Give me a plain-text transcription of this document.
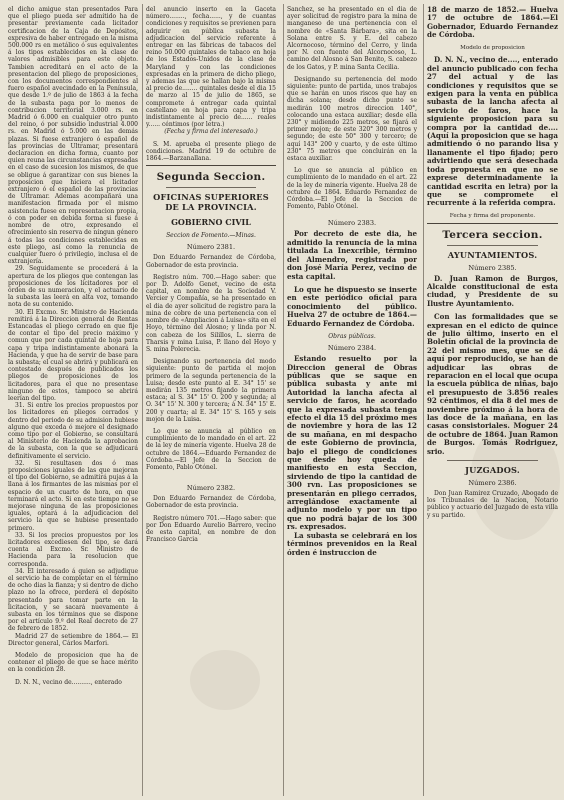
el dicho amigue stan presentados Para que el pliego pueda ser admitido ha de presentar previamente cada licitador certificacion de la Caja de Depósitos, expresiva de haber entregado en la misma 500.000 rs en metálico ó sus equivalentes á los tipos establecidos en la clase de valores admisibles para este objeto. Tambien acreditará en el acto de la presentacion del pliego de proposiciones, con los documentos correspondientes al fuero español avecindado en la Península, que desde 1.º de julio de 1863 á la fecha de la subasta paga por lo menos de contribucion territorial 3.000 rs. en Madrid ó 6.000 en cualquier otro punto del reino, ó por subsidio industrial 4.000 rs. en Madrid ó 5.000 en las demás plazas. Si fuese extranjero ó español de las provincias de Ultramar, presentará declaracion en dicha forma, cuanto por quien reuna las circunstancias expresadas en el caso de sucesion los mismos, de que se obligue á garantizar con sus bienes la proposicion que hiciera el licitador extranjero ó el español de las provincias de Ultramar. Ademas acompañará una manifestacion firmada por el mismo asistencia fuese en representacion propia, ó con poder en debida forma si fuese á nombre de otro, expresando el ofrecimiento sin reserva de ningun género á todas las condiciones establecidas en este pliego, así como la renuncia de cualquier fuero ó privilegio, inclusa el de extranjería.

29. Seguidamente se procederá á la apertura de los pliegos que contengan las proposiciones de los licitadores por el órden de su numeracion, y el actuario de la subasta las leerá en alta voz, tomando nota de su contenido.

30. El Excmo. Sr. Ministro de Hacienda remitirá á la Direccion general de Rentas Estancadas el pliego cerrado en que fije de contar el tipo del precio máximo y comun que por cada quintal de hoja para capa y tripa indistintamente abonará la Hacienda, y que ha de servir de base para la subasta; el cual se abrirá y publicará en contestado después de publicados los pliegos de proposiciones de los licitadores, para el que no presentase ninguno de estos, tampoco se abrirá leerían del tipo.

31. Si entre los precios propuestos por los licitadores en pliegos cerrados y dentro del periodo de su admision hubiese alguno que exceda ó mejore el designado como tipo por el Gobierno, se consultará al Ministerio de Hacienda la aprobacion de la subasta, con la que se adjudicará definitivamente el servicio.

32. Si resultasen dos ó mas proposiciones iguales de las que mejoran el tipo del Gobierno, se admitirá pujas á la llana á los firmantes de las mismas por el espacio de un cuarto de hora, en que terminará el acto. Si en este tiempo no se mejorase ninguna de las proposiciones iguales, optará á la adjudicacion del servicio la que se hubiese presentado primero.

33. Si los precios propuestos por los licitadores excediesen del tipo, se dará cuenta al Excmo. Sr. Ministro de Hacienda para la resolucion que corresponda.

34. El interesado á quien se adjudique el servicio ha de completar en el término de ocho dias la fianza; y si dentro de dicho plazo no la ofrece, perderá el depósito presentado para tomar parte en la licitacion, y se sacará nuevamente á subasta en los términos que se dispone por el artículo 9.º del Real decreto de 27 de febrero de 1852.

Madrid 27 de setiembre de 1864.— El Director general, Cárlos Marfori.

Modelo de proposicion que ha de contener el pliego de que se hace mérito en la condicion 28.

D. N. N., vecino de.........., enterado

del anuncio inserto en la Gaceta número........, fecha......, y de cuantas condiciones y requisitos se previenen para adquirir en pública subasta la adjudicacion del servicio referente á entregar en las fábricas de tabacos del reino 50.000 quintales de tabaco en hoja de los Estados-Unidos de la clase de Maryland y con las condiciones expresadas en la primera de dicho pliego, y ademas las que se hallan bajo la misma al precio de........ quintales desde el dia 15 de marzo al 15 de julio de 1865, se compromete á entregar cada quintal castellano en hoja para capa y tripa indistintamente al precio de...... reales y...... céntimos (por letra.)

(Fecha y firma del interesado.)

S. M. aprueba el presente pliego de condiciones. Madrid 19 de octubre de 1864.—Barzanallana.

Segunda Seccion.
OFICINAS SUPERIORES DE LA PROVINCIA.
GOBIERNO CIVIL

Seccion de Fomento.—Minas.

Número 2381.

Don Eduardo Fernandez de Córdoba, Gobernador de esta provincia.

Registro núm. 700.—Hago saber: que por D. Adolfo Genet, vecino de esta capital, en nombre de la Sociedad V. Vercier y Compañía, se ha presentado en el dia de ayer solicitud de registro para la mina de cobre de una pertenencia con el nombre de «Ampliacion á Luisa» sita en el Hoyo, término del Alosno; y linda por N. con cabeza de los Silillos, L. sierra de Tharsis y mina Luisa, P. llano del Hoyo y S. mina Polerecia.

Designando su pertenencia del modo siguiente: punto de partida el mojon primero de la segunda pertenencia de la Luisa; desde este punto al E. 34° 15' se medirán 135 metros fijando la primera estaca; al S. 34° 15' O. 200 y segunda; al O. 34° 15' N. 300 y tercera; á N. 34° 15' E. 200 y cuarta; al E. 34° 15' S. 165 y seis mojon de la Luisa.

Lo que se anuncia al público en cumplimiento de lo mandado en el art. 22 de la ley de minería vigente. Huelva 28 de octubre de 1864.—Eduardo Fernandez de Córdoba.—El Jefe de la Seccion de Fomento, Pablo Otónel.

Número 2382.

Don Eduardo Fernandez de Córdoba, Gobernador de esta provincia.

Registro número 701.—Hago saber: que por Don Eduardo Aurelio Barrero, vecino de esta capital, en nombre de don Francisco Garcia

Sanchez, se ha presentado en el dia de ayer solicitud de registro para la mina de manganeso de una pertenencia con el nombre de «Santa Bárbara», sita en la Solana entre S. y E. del cabezo Alcornocoso, término del Cerro, y linda por N. con fuente del Alcornocoso, L. camino del Alosno á San Benito, S. cabezo de los Gatos, y P. mina Santa Cecilia.

Designando su pertenencia del modo siguiente: punto de partida, unos trabajos que se harán en unos riscos que hay en dicha solana; desde dicho punto se medirán 100 metros direccion 140°, colocando una estaca auxiliar; desde ella 230° y midiendo 225 metros, se fijará el primer mojon; de este 320° 300 metros y segundo; de este 50° 300 y tercero; de aquí 143° 200 y cuarto, y de este último 230° 75 metros que concluirán en la estaca auxiliar.

Lo que se anuncia al público en cumplimiento de lo mandado en el art. 22 de la ley de minería vigente. Huelva 28 de octubre de 1864. Eduardo Fernandez de Córdoba.—El Jefe de la Seccion de Fomento, Pablo Otónel.

Número 2383.

Por decreto de este dia, he admitido la renuncia de la mina titulada La Inexcrible, término del Almendro, registrada por don José María Perez, vecino de esta capital.

Lo que he dispuesto se inserte en este periódico oficial para conocimiento del público. Huelva 27 de octubre de 1864.—Eduardo Fernandez de Córdoba.

Obras públicas.

Número 2384.

Estando resuelto por la Direccion general de Obras públicas que se saque en pública subasta y ante mi Autoridad la lancha afecta al servicio de faros, he acordado que la expresada subasta tenga efecto el dia 15 del próximo mes de noviembre y hora de las 12 de su mañana, en mi despacho de este Gobierno de provincia, bajo el pliego de condiciones que desde hoy queda de manifiesto en esta Seccion, sirviendo de tipo la cantidad de 300 rvn. Las proposiciones se presentarán en pliego cerrados, arreglándose exactamente al adjunto modelo y por un tipo que no podrá bajar de los 300 rs. expresados.

La subasta se celebrará en los términos prevenidos en la Real órden é instruccion de

18 de marzo de 1852.— Huelva 17 de octubre de 1864.—El Gobernador, Eduardo Fernandez de Córdoba.

Modelo de proposicion

D. N. N., vecino de...., enterado del anuncio publicado con fecha 27 del actual y de las condiciones y requisitos que se exigen para la venta en pública subasta de la lancha afecta al servicio de faros, hace la siguiente proposicion para su compra por la cantidad de.... (Aquí la proposicion que se haga admitiendo ó no parando lisa y llanamente el tipo fijado; pero advirtiendo que será desechada toda propuesta en que no se exprese determinadamente la cantidad escrita en letra) por la que se compromete el recurrente á la referida compra.

Fecha y firma del proponente.

Tercera seccion.
AYUNTAMIENTOS.
Número 2385.

D. Juan Ramon de Burgos, Alcalde constitucional de esta ciudad, y Presidente de su Ilustre Ayuntamiento.

Con las formalidades que se expresan en el edicto de quince de julio último, inserto en el Boletín oficial de la provincia de 22 del mismo mes, que se dá aquí por reproducido, se han de adjudicar las obras de reparacion en el local que ocupa la escuela pública de niñas, bajo el presupuesto de 3.856 reales 92 céntimos, el dia 8 del mes de noviembre próximo á la hora de las doce de la mañana, en las casas consistoriales. Moguer 24 de octubre de 1864. Juan Ramon de Burgos. Tomás Rodriguez, srio.

JUZGADOS.
Número 2386.

Don Juan Ramirez Cruzado, Abogado de los Tribunales de la Nacion, Notario público y actuario del Juzgado de esta villa y su partido.
